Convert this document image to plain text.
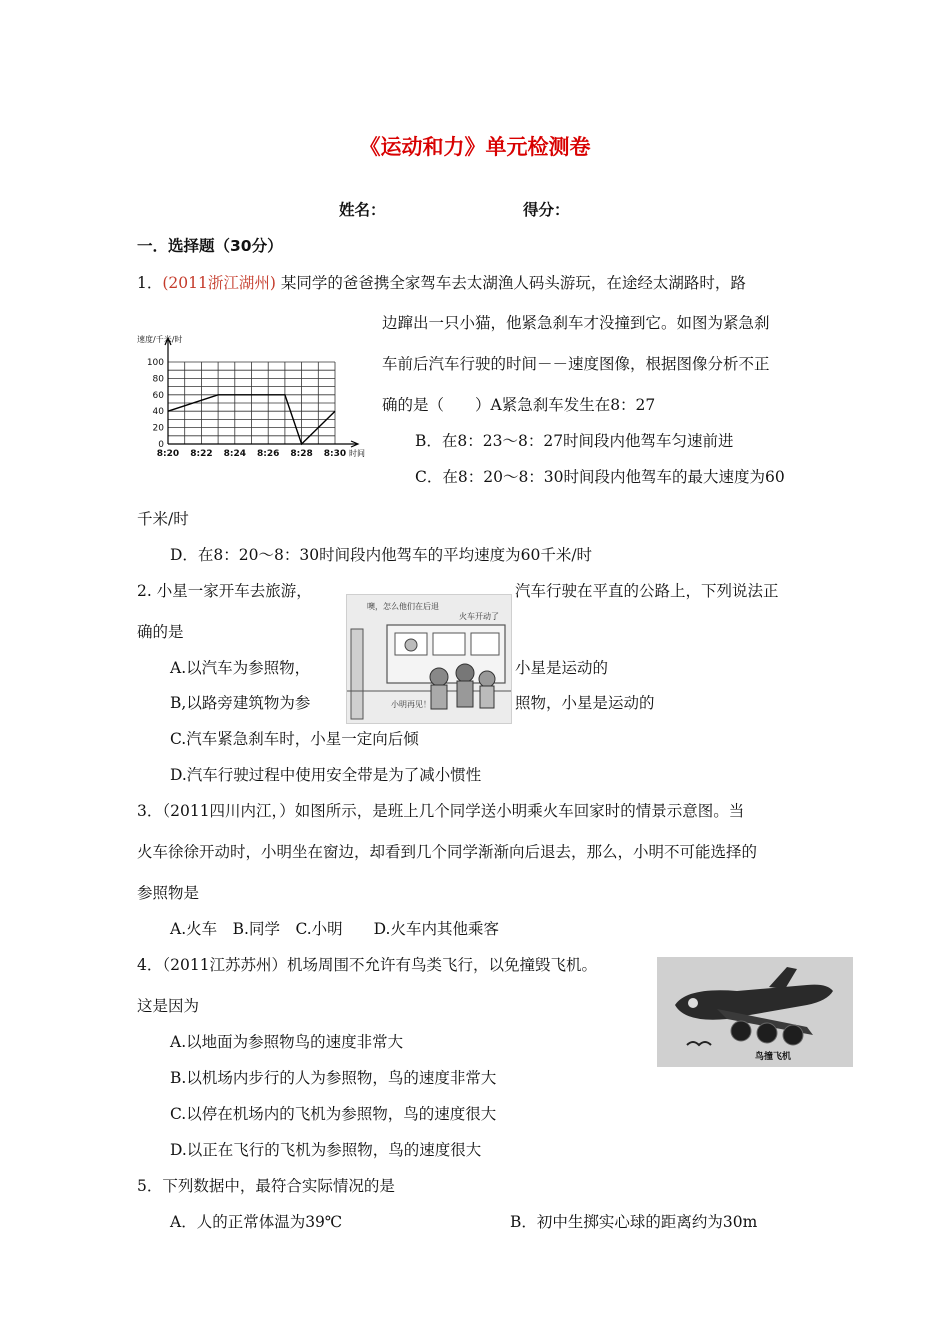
《运动和力》单元检测卷
姓名：	得分：
一．选择题（30分）
1．(2011浙江湖州) 某同学的爸爸携全家驾车去太湖渔人码头游玩，在途经太湖路时，路
边蹿出一只小猫，他紧急刹车才没撞到它。如图为紧急刹
车前后汽车行驶的时间－－速度图像，根据图像分析不正
确的是（　　）A紧急刹车发生在8：27
B．在8：23～8：27时间段内他驾车匀速前进
C．在8：20～8：30时间段内他驾车的最大速度为60
千米/时
D．在8：20～8：30时间段内他驾车的平均速度为60千米/时
0
20
40
60
80
100
8:20 8:22 8:24 8:26 8:28 8:30
速度/千米/时
时间
2. 小星一家开车去旅游，	汽车行驶在平直的公路上，下列说法正
确的是
A.以汽车为参照物，	小星是运动的
B,以路旁建筑物为参	照物，小星是运动的
C.汽车紧急刹车时，小星一定向后倾
D.汽车行驶过程中使用安全带是为了减小惯性
噢，怎么他们在后退
火车开动了
小明再见！
3．（2011四川内江，）如图所示，是班上几个同学送小明乘火车回家时的情景示意图。当
火车徐徐开动时，小明坐在窗边，却看到几个同学渐渐向后退去，那么，小明不可能选择的
参照物是
A.火车　B.同学　C.小明　　D.火车内其他乘客
4．（2011江苏苏州）机场周围不允许有鸟类飞行，以免撞毁飞机。
这是因为
A.以地面为参照物鸟的速度非常大
B.以机场内步行的人为参照物，鸟的速度非常大
C.以停在机场内的飞机为参照物，鸟的速度很大
D.以正在飞行的飞机为参照物，鸟的速度很大
鸟撞飞机
5．下列数据中，最符合实际情况的是
A．人的正常体温为39℃	B．初中生掷实心球的距离约为30m
